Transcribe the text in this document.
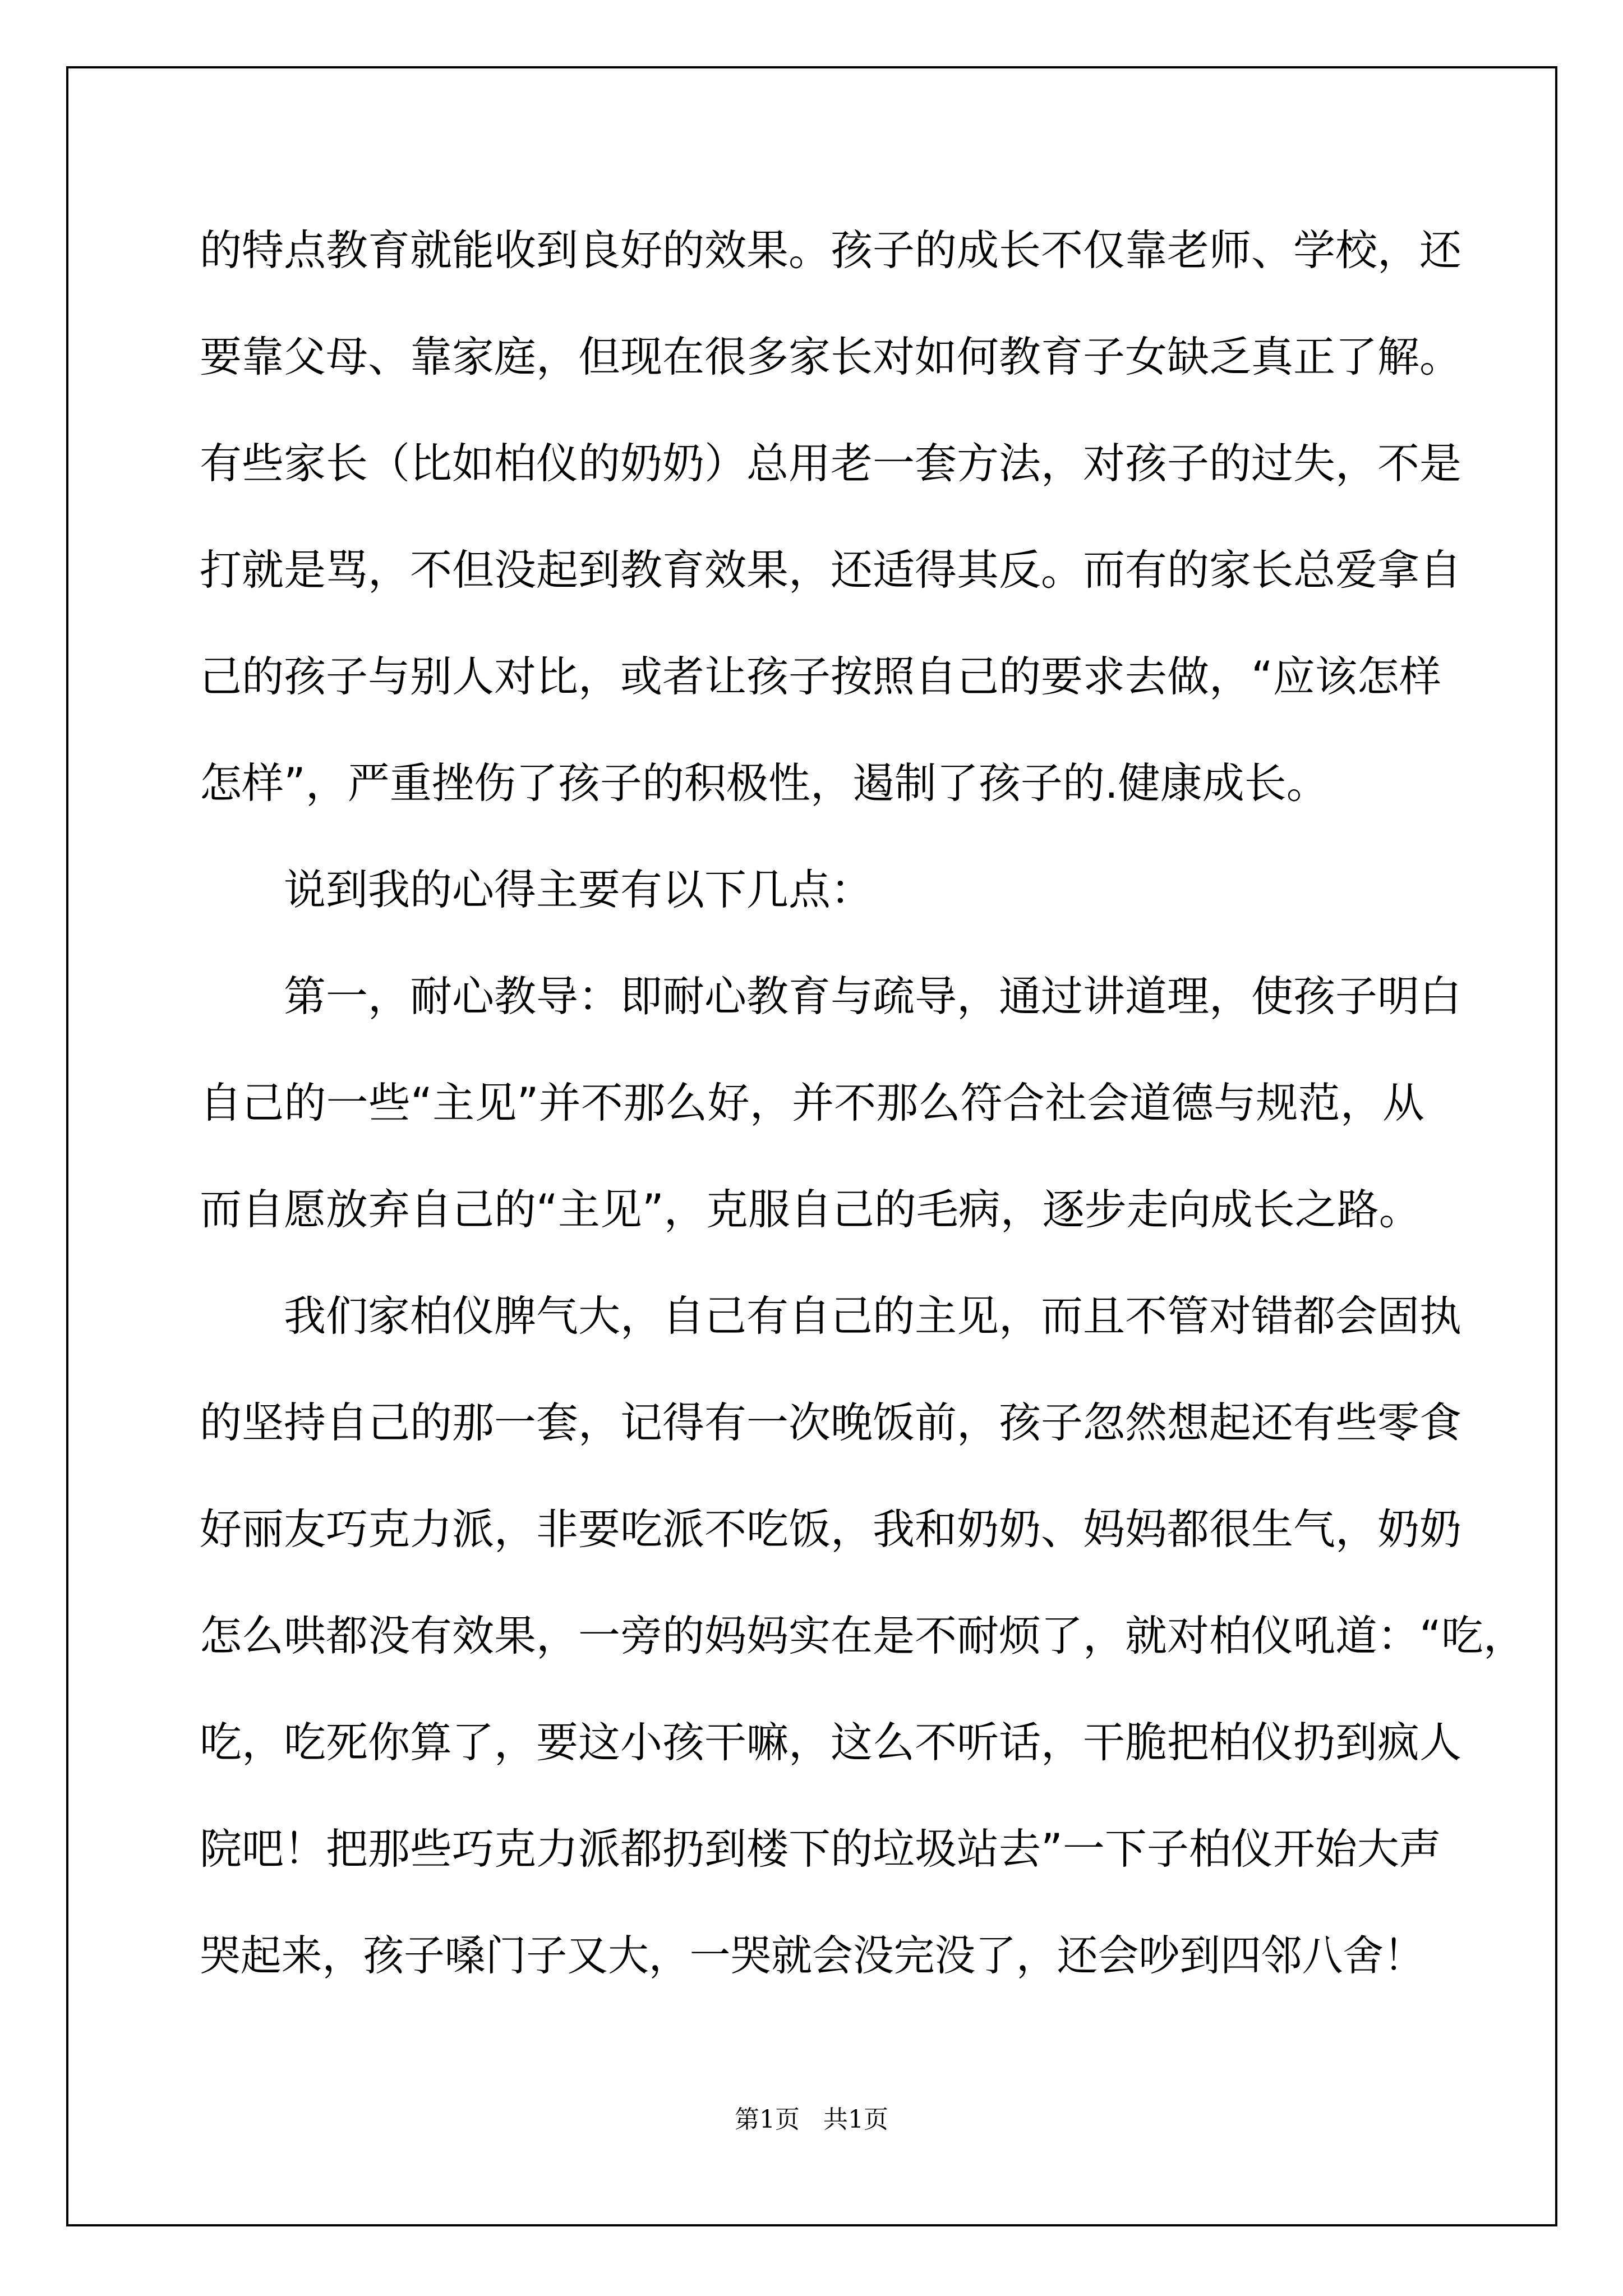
的特点教育就能收到良好的效果。孩子的成长不仅靠老师、学校，还

要靠父母、靠家庭，但现在很多家长对如何教育子女缺乏真正了解。

有些家长（比如柏仪的奶奶）总用老一套方法，对孩子的过失，不是

打就是骂，不但没起到教育效果，还适得其反。而有的家长总爱拿自

己的孩子与别人对比，或者让孩子按照自己的要求去做，“应该怎样

怎样”，严重挫伤了孩子的积极性，遏制了孩子的.健康成长。

说到我的心得主要有以下几点：

第一，耐心教导：即耐心教育与疏导，通过讲道理，使孩子明白

自己的一些“主见”并不那么好，并不那么符合社会道德与规范，从

而自愿放弃自己的“主见”，克服自己的毛病，逐步走向成长之路。

我们家柏仪脾气大，自己有自己的主见，而且不管对错都会固执

的坚持自己的那一套，记得有一次晚饭前，孩子忽然想起还有些零食

好丽友巧克力派，非要吃派不吃饭，我和奶奶、妈妈都很生气，奶奶

怎么哄都没有效果，一旁的妈妈实在是不耐烦了，就对柏仪吼道：“吃，

吃，吃死你算了，要这小孩干嘛，这么不听话，干脆把柏仪扔到疯人

院吧！把那些巧克力派都扔到楼下的垃圾站去”一下子柏仪开始大声

哭起来，孩子嗓门子又大，一哭就会没完没了，还会吵到四邻八舍！

第1页   共1页
